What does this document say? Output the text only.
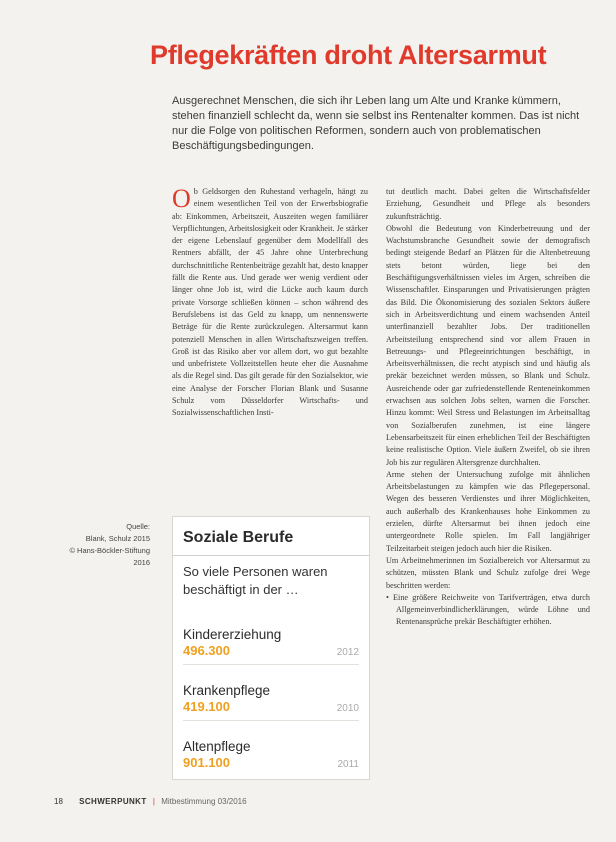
Pflegekräften droht Altersarmut

Ausgerechnet Menschen, die sich ihr Leben lang um Alte und Kranke kümmern, stehen finanziell schlecht da, wenn sie selbst ins Rentenalter kommen. Das ist nicht nur die Folge von politischen Reformen, sondern auch von problematischen Beschäftigungsbedingungen.

Ob Geldsorgen den Ruhestand verhageln, hängt zu einem wesentlichen Teil von der Erwerbsbiografie ab: Einkommen, Arbeitszeit, Auszeiten wegen familiärer Verpflichtungen, Arbeitslosigkeit oder Krankheit. Je stärker der eigene Lebenslauf gegenüber dem Modellfall des Rentners abfällt, der 45 Jahre ohne Unterbrechung durchschnittliche Rentenbeiträge gezahlt hat, desto knapper fällt die Rente aus. Und gerade wer wenig verdient oder länger ohne Job ist, wird die Lücke auch kaum durch private Vorsorge schließen können – schon während des Berufslebens ist das Geld zu knapp, um nennenswerte Beträge für die Rente zurückzulegen. Altersarmut kann potenziell Menschen in allen Wirtschaftszweigen treffen. Groß ist das Risiko aber vor allem dort, wo gut bezahlte und unbefristete Vollzeitstellen heute eher die Ausnahme als die Regel sind. Das gilt gerade für den Sozialsektor, wie eine Analyse der Forscher Florian Blank und Susanne Schulz vom Düsseldorfer Wirtschafts- und Sozialwissenschaftlichen Insti-

tut deutlich macht. Dabei gelten die Wirtschaftsfelder Erziehung, Gesundheit und Pflege als besonders zukunftsträchtig.

Obwohl die Bedeutung von Kinderbetreuung und der Wachstumsbranche Gesundheit sowie der demografisch bedingt steigende Bedarf an Plätzen für die Altenbetreuung stets betont würden, liege bei den Beschäftigungsverhältnissen vieles im Argen, schreiben die Wissenschaftler. Einsparungen und Privatisierungen prägten das Bild. Die Ökonomisierung des sozialen Sektors äußere sich in Arbeitsverdichtung und einem wachsenden Anteil unterfinanziell bezahlter Jobs. Der traditionellen Arbeitsteilung entsprechend sind vor allem Frauen in Betreuungs- und Pflegeeinrichtungen beschäftigt, in Arbeitsverhältnissen, die recht atypisch sind und häufig als prekär bezeichnet werden müssen, so Blank und Schulz. Ausreichende oder gar zufriedenstellende Renteneinkommen erwachsen aus solchen Jobs selten, warnen die Forscher. Hinzu kommt: Weil Stress und Belastungen im Arbeitsalltag von Sozialberufen zunehmen, ist eine längere Lebensarbeitszeit für einen erheblichen Teil der Beschäftigten keine realistische Option. Viele äußern Zweifel, ob sie ihren Job bis zur regulären Altersgrenze durchhalten.

Arme stehen der Untersuchung zufolge mit ähnlichen Arbeitsbelastungen zu kämpfen wie das Pflegepersonal. Wegen des besseren Verdienstes und ihrer Möglichkeiten, auch außerhalb des Krankenhauses hohe Einkommen zu erzielen, dürfte Altersarmut bei ihnen jedoch eine untergeordnete Rolle spielen. Im Fall langjähriger Teilzeitarbeit steigen jedoch auch hier die Risiken.

Um Arbeitnehmerinnen im Sozialbereich vor Altersarmut zu schützen, müssten Blank und Schulz zufolge drei Wege beschritten werden:

• Eine größere Reichweite von Tarifverträgen, etwa durch Allgemeinverbindlicherklärungen, würde Löhne und Rentenansprüche prekär Beschäftigter erhöhen.

Quelle:
Blank, Schulz 2015
© Hans-Böckler-Stiftung
2016
Soziale Berufe
So viele Personen waren beschäftigt in der …
Kindererziehung
496.300	2012
Krankenpflege
419.100	2010
Altenpflege
901.100	2011
18 SCHWERPUNKT | Mitbestimmung 03/2016
